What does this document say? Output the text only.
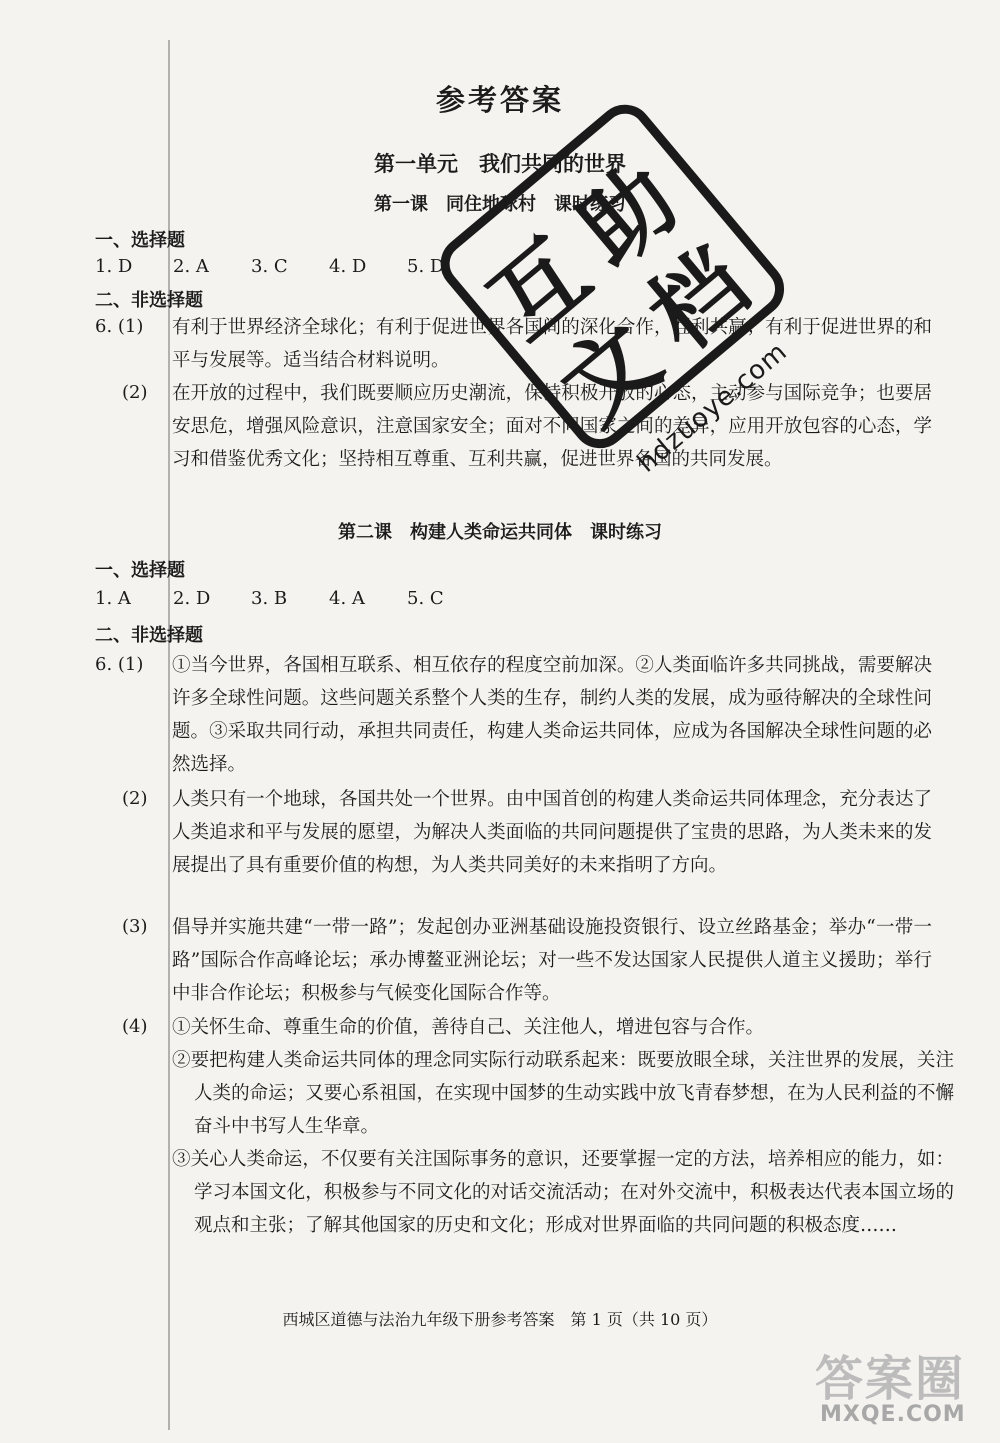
参考答案
第一单元　我们共同的世界
第一课　同住地球村　课时练习
一、选择题
1. D 2. A 3. C 4. D 5. D
二、非选择题
6. (1) 有利于世界经济全球化；有利于促进世界各国间的深化合作，互利共赢；有利于促进世界的和平与发展等。适当结合材料说明。
(2) 在开放的过程中，我们既要顺应历史潮流，保持积极开放的心态，主动参与国际竞争；也要居安思危，增强风险意识，注意国家安全；面对不同国家之间的差异，应用开放包容的心态，学习和借鉴优秀文化；坚持相互尊重、互利共赢，促进世界各国的共同发展。
第二课　构建人类命运共同体　课时练习
一、选择题
1. A 2. D 3. B 4. A 5. C
二、非选择题
6. (1) ①当今世界，各国相互联系、相互依存的程度空前加深。②人类面临许多共同挑战，需要解决许多全球性问题。这些问题关系整个人类的生存，制约人类的发展，成为亟待解决的全球性问题。③采取共同行动，承担共同责任，构建人类命运共同体，应成为各国解决全球性问题的必然选择。
(2) 人类只有一个地球，各国共处一个世界。由中国首创的构建人类命运共同体理念，充分表达了人类追求和平与发展的愿望，为解决人类面临的共同问题提供了宝贵的思路，为人类未来的发展提出了具有重要价值的构想，为人类共同美好的未来指明了方向。
(3) 倡导并实施共建“一带一路”；发起创办亚洲基础设施投资银行、设立丝路基金；举办“一带一路”国际合作高峰论坛；承办博鳌亚洲论坛；对一些不发达国家人民提供人道主义援助；举行中非合作论坛；积极参与气候变化国际合作等。
(4) ①关怀生命、尊重生命的价值，善待自己、关注他人，增进包容与合作。
②要把构建人类命运共同体的理念同实际行动联系起来：既要放眼全球，关注世界的发展，关注人类的命运；又要心系祖国，在实现中国梦的生动实践中放飞青春梦想，在为人民利益的不懈奋斗中书写人生华章。
③关心人类命运，不仅要有关注国际事务的意识，还要掌握一定的方法，培养相应的能力，如：学习本国文化，积极参与不同文化的对话交流活动；在对外交流中，积极表达代表本国立场的观点和主张；了解其他国家的历史和文化；形成对世界面临的共同问题的积极态度……
西城区道德与法治九年级下册参考答案　第 1 页（共 10 页）
互
助
文
档
hdzuoye.com
答案圈
MXQE.COM
